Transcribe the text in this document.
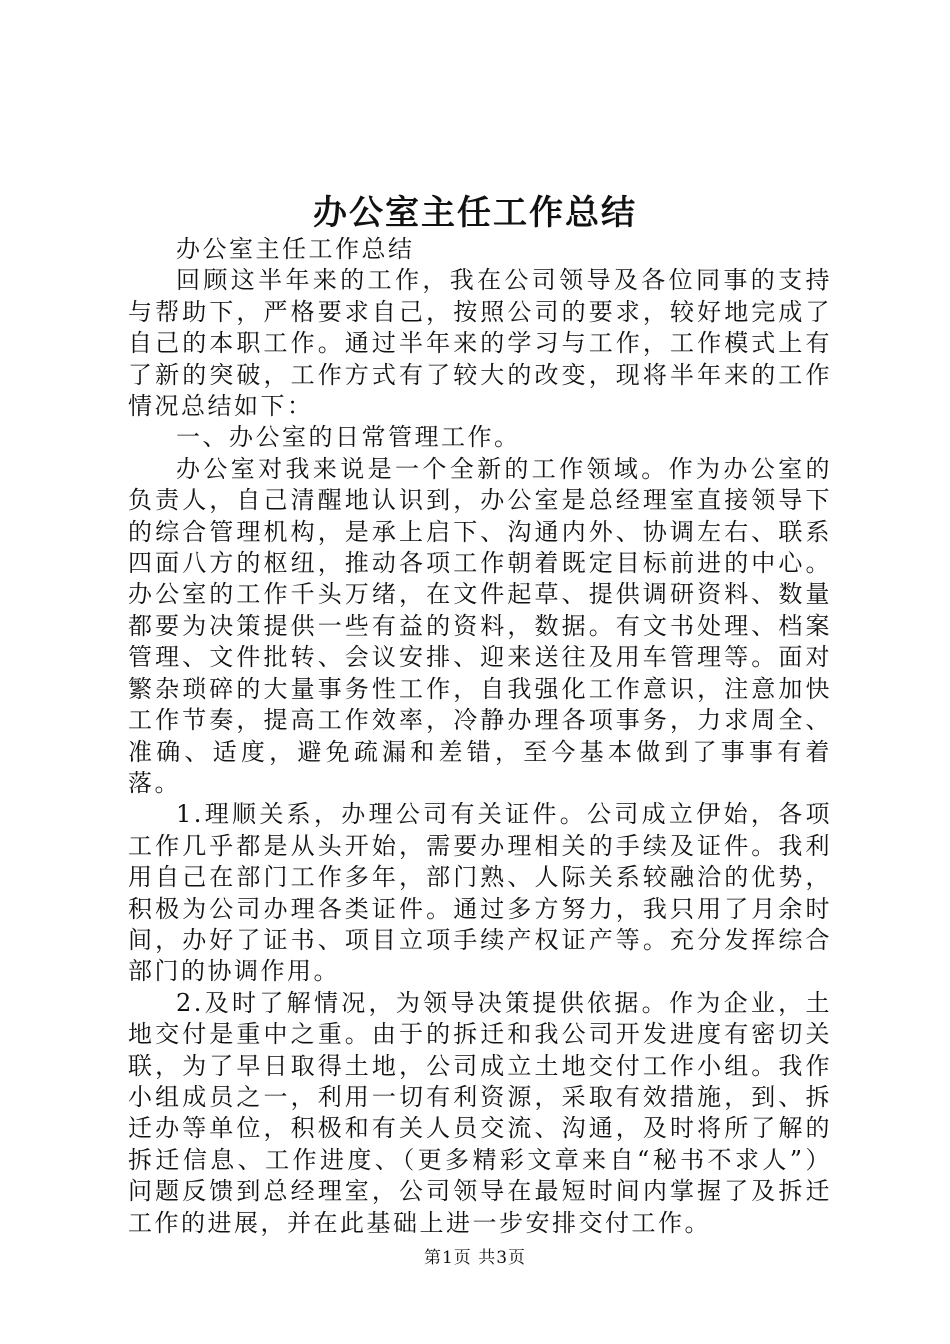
办公室主任工作总结

办公室主任工作总结

回顾这半年来的工作，我在公司领导及各位同事的支持与帮助下，严格要求自己，按照公司的要求，较好地完成了自己的本职工作。通过半年来的学习与工作，工作模式上有了新的突破，工作方式有了较大的改变，现将半年来的工作情况总结如下：

一、办公室的日常管理工作。

办公室对我来说是一个全新的工作领域。作为办公室的负责人，自己清醒地认识到，办公室是总经理室直接领导下的综合管理机构，是承上启下、沟通内外、协调左右、联系四面八方的枢纽，推动各项工作朝着既定目标前进的中心。办公室的工作千头万绪，在文件起草、提供调研资料、数量都要为决策提供一些有益的资料，数据。有文书处理、档案管理、文件批转、会议安排、迎来送往及用车管理等。面对繁杂琐碎的大量事务性工作，自我强化工作意识，注意加快工作节奏，提高工作效率，冷静办理各项事务，力求周全、准确、适度，避免疏漏和差错，至今基本做到了事事有着落。

1.理顺关系，办理公司有关证件。公司成立伊始，各项工作几乎都是从头开始，需要办理相关的手续及证件。我利用自己在部门工作多年，部门熟、人际关系较融洽的优势，积极为公司办理各类证件。通过多方努力，我只用了月余时间，办好了证书、项目立项手续产权证产等。充分发挥综合部门的协调作用。

2.及时了解情况，为领导决策提供依据。作为企业，土地交付是重中之重。由于的拆迁和我公司开发进度有密切关联，为了早日取得土地，公司成立土地交付工作小组。我作小组成员之一，利用一切有利资源，采取有效措施，到、拆迁办等单位，积极和有关人员交流、沟通，及时将所了解的拆迁信息、工作进度、（更多精彩文章来自“秘书不求人”）问题反馈到总经理室，公司领导在最短时间内掌握了及拆迁工作的进展，并在此基础上进一步安排交付工作。

第1页 共3页
